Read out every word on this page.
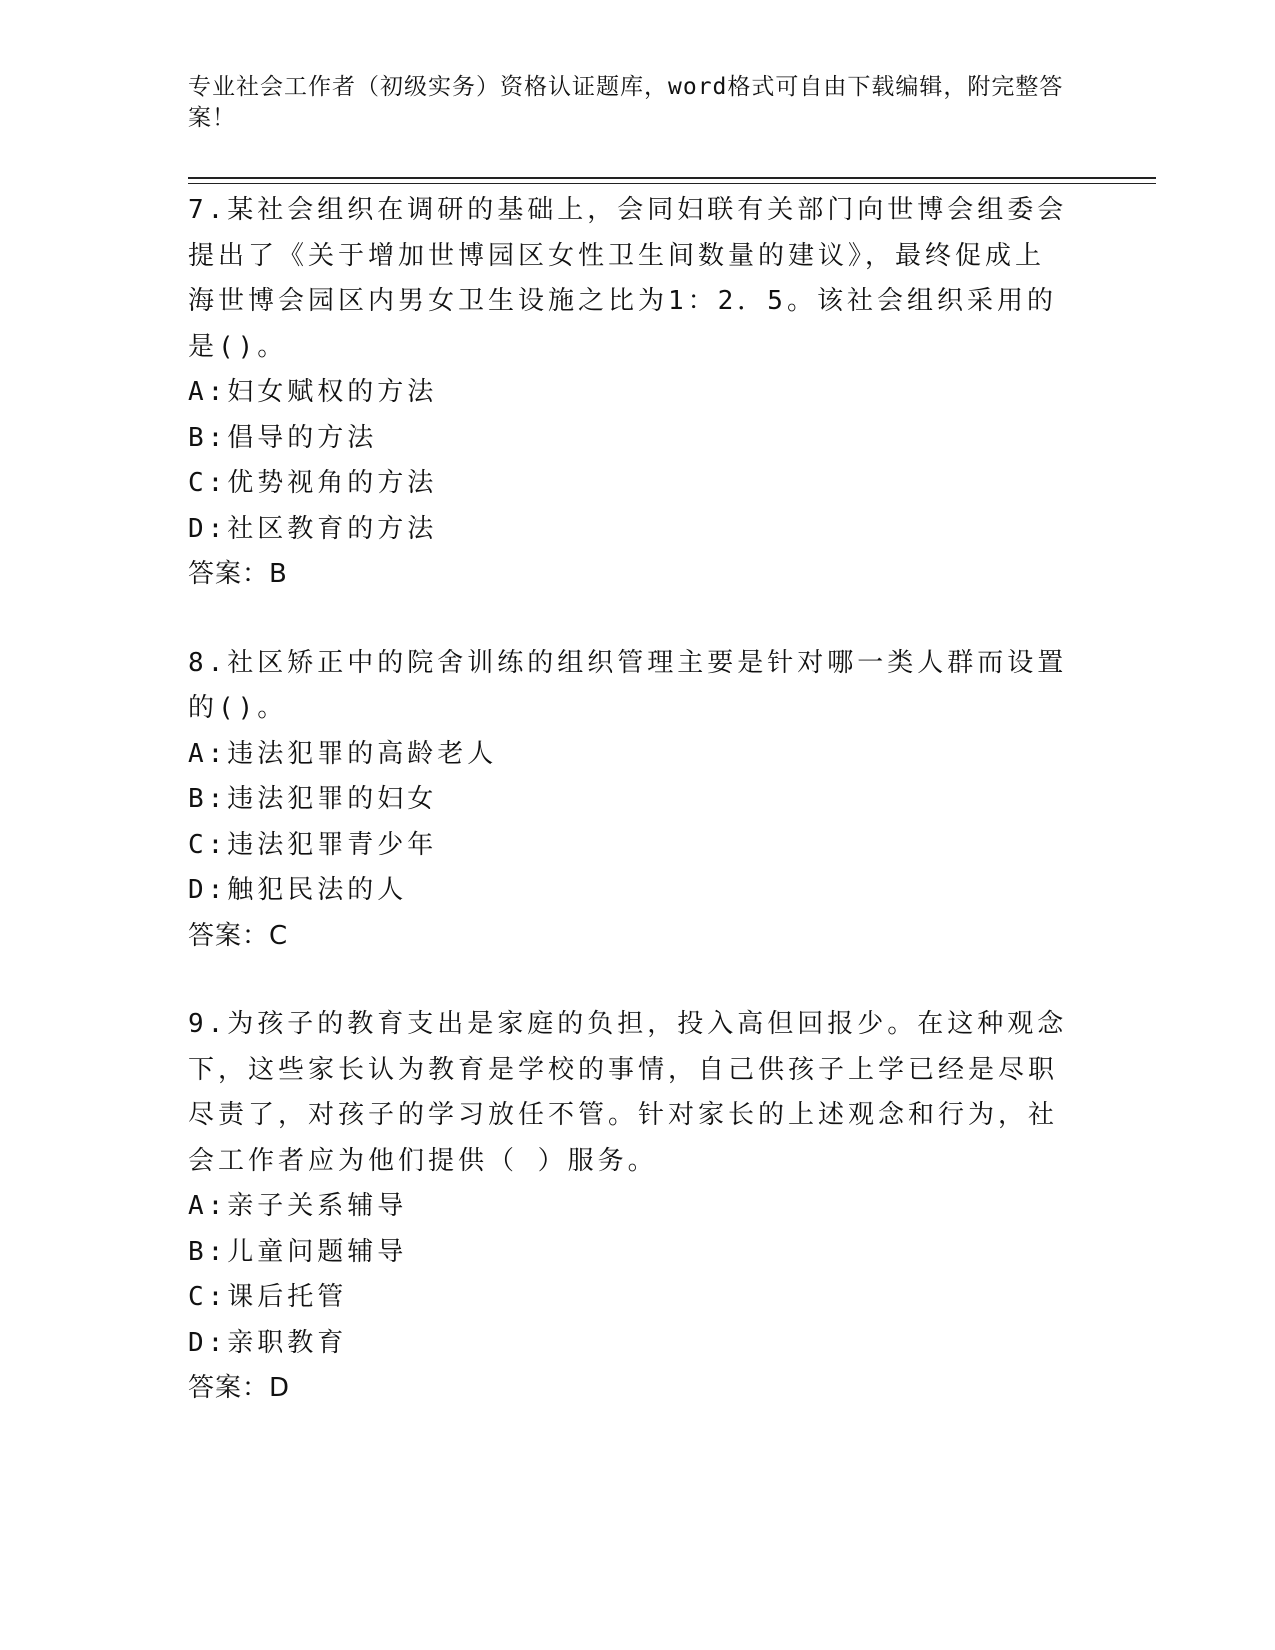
专业社会工作者（初级实务）资格认证题库，word格式可自由下载编辑，附完整答案！
7.某社会组织在调研的基础上，会同妇联有关部门向世博会组委会提出了《关于增加世博园区女性卫生间数量的建议》，最终促成上海世博会园区内男女卫生设施之比为1：2．5。该社会组织采用的是()。
A:妇女赋权的方法
B:倡导的方法
C:优势视角的方法
D:社区教育的方法
答案：B
8.社区矫正中的院舍训练的组织管理主要是针对哪一类人群而设置的()。
A:违法犯罪的高龄老人
B:违法犯罪的妇女
C:违法犯罪青少年
D:触犯民法的人
答案：C
9.为孩子的教育支出是家庭的负担，投入高但回报少。在这种观念下，这些家长认为教育是学校的事情，自己供孩子上学已经是尽职尽责了，对孩子的学习放任不管。针对家长的上述观念和行为，社会工作者应为他们提供（ ）服务。
A:亲子关系辅导
B:儿童问题辅导
C:课后托管
D:亲职教育
答案：D
